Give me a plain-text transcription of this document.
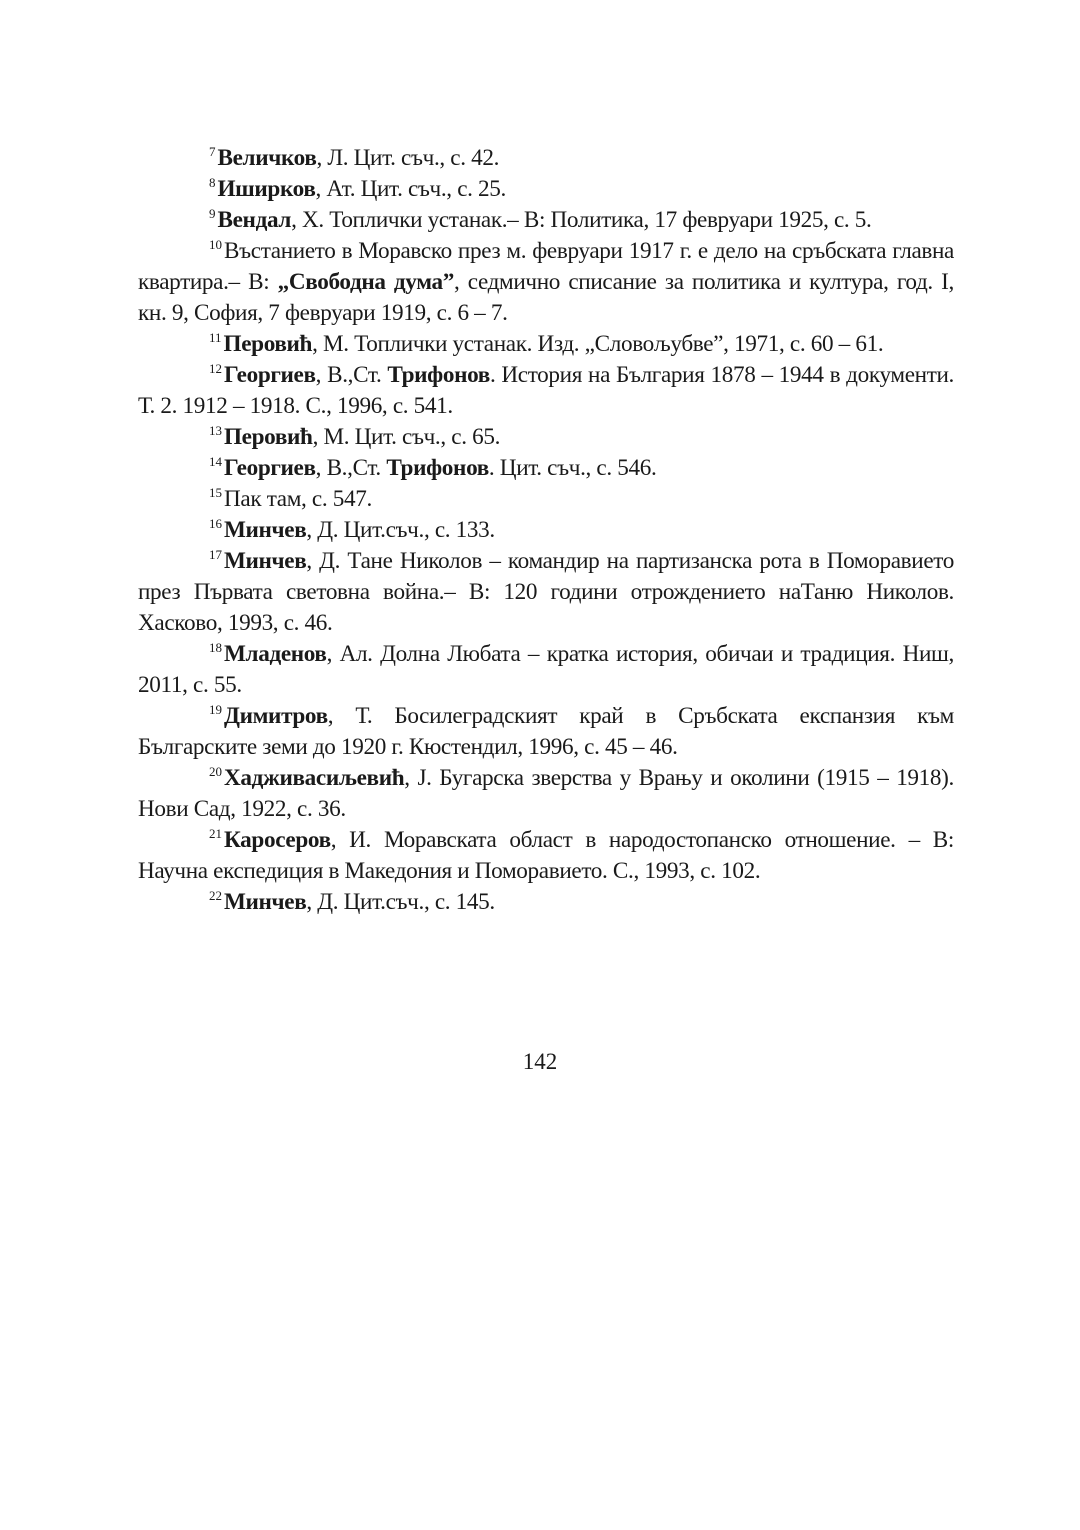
$^7$Величков, Л. Цит. съч., с. 42.

$^8$Иширков, Ат. Цит. съч., с. 25.

$^9$Вендал, Х. Топлички устанак.– В: Политика, 17 февруари 1925, с. 5.

$^{10}$Въстанието в Моравско през м. февруари 1917 г. е дело на сръбската главна квартира.– В: „Свободна дума”, седмично списание за политика и култура, год. I, кн. 9, София, 7 февруари 1919, с. 6 – 7.

$^{11}$Перовић, М. Топлички устанак. Изд. „Словољубве”, 1971, с. 60 – 61.

$^{12}$Георгиев, В.,Ст. Трифонов. История на България 1878 – 1944 в документи. Т. 2. 1912 – 1918. С., 1996, с. 541.

$^{13}$Перовић, М. Цит. съч., с. 65.

$^{14}$Георгиев, В.,Ст. Трифонов. Цит. съч., с. 546.

$^{15}$Пак там, с. 547.

$^{16}$Минчев, Д. Цит.съч., с. 133.

$^{17}$Минчев, Д. Тане Николов – командир на партизанска рота в Поморавието през Първата световна война.– В: 120 години отрождението наТаню Николов. Хасково, 1993, с. 46.

$^{18}$Младенов, Ал. Долна Любата – кратка история, обичаи и традиция. Ниш, 2011, с. 55.

$^{19}$Димитров, Т. Босилеградският край в Сръбската експанзия към Българските земи до 1920 г. Кюстендил, 1996, с. 45 – 46.

$^{20}$Хадживасиљевић, Ј. Бугарска зверства у Врању и околини (1915 – 1918). Нови Сад, 1922, с. 36.

$^{21}$Каросеров, И. Моравската област в народостопанско отношение. – В: Научна експедиция в Македония и Поморавието. С., 1993, с. 102.

$^{22}$Минчев, Д. Цит.съч., с. 145.

142
